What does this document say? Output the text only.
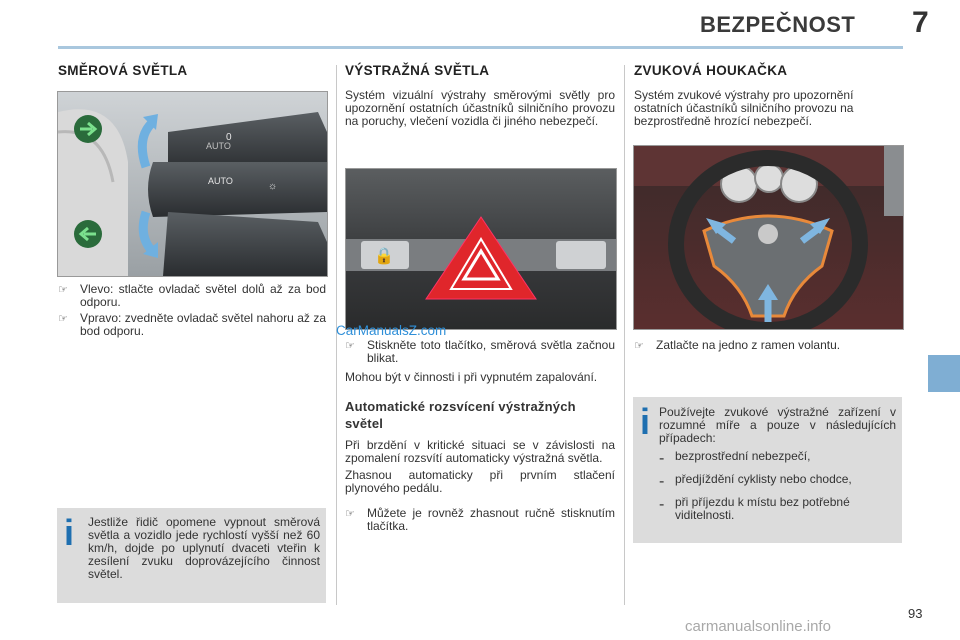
BEZPEČNOST 7
SMĚROVÁ SVĚTLA
AUTO
0
AUTO
☼
☞	Vlevo: stlačte ovladač světel dolů až za bod odporu.

☞	Vpravo: zvedněte ovladač světel nahoru až za bod odporu.

i Jestliže řidič opomene vypnout směrová světla a vozidlo jede rychlostí vyšší než 60 km/h, dojde po uplynutí dvaceti vteřin k zesílení zvuku doprovázejícího činnost světel.

VÝSTRAŽNÁ SVĚTLA

Systém vizuální výstrahy směrovými světly pro upozornění ostatních účastníků silničního provozu na poruchy, vlečení vozidla či jiného nebezpečí.

🔒
☞	Stiskněte toto tlačítko, směrová světla začnou blikat.

Mohou být v činnosti i při vypnutém zapalování.

Automatické rozsvícení výstražných světel

Při brzdění v kritické situaci se v závislosti na zpomalení rozsvítí automaticky výstražná světla.

Zhasnou automaticky při prvním stlačení plynového pedálu.

☞	Můžete je rovněž zhasnout ručně stisknutím tlačítka.

ZVUKOVÁ HOUKAČKA

Systém zvukové výstrahy pro upozornění ostatních účastníků silničního provozu na bezprostředně hrozící nebezpečí.

☞	Zatlačte na jedno z ramen volantu.

i Používejte zvukové výstražné zařízení v rozumné míře a pouze v následujících případech:

- bezprostřední nebezpečí,

- předjíždění cyklisty nebo chodce,

- při příjezdu k místu bez potřebné viditelnosti.

CarManualsZ.com
carmanualsonline.info
93
